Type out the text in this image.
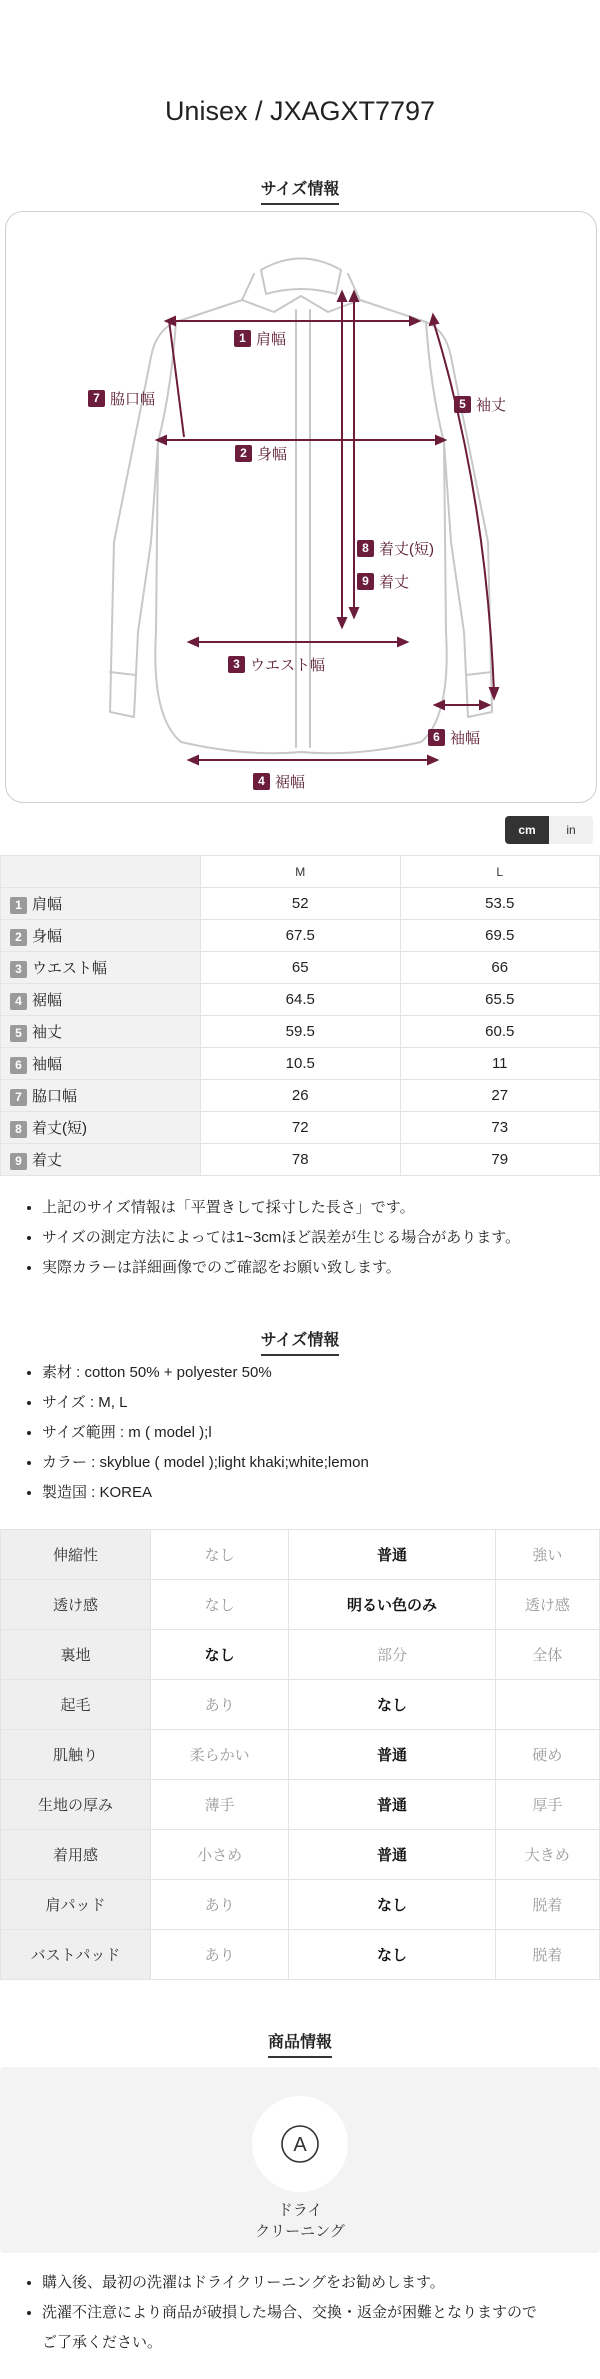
Unisex / JXAGXT7797
サイズ情報
1 肩幅
2 身幅
3 ウエスト幅
4 裾幅
5 袖丈
6 袖幅
7 脇口幅
8 着丈(短)
9 着丈
cm	in
	M	L
1 肩幅	52	53.5
2 身幅	67.5	69.5
3 ウエスト幅	65	66
4 裾幅	64.5	65.5
5 袖丈	59.5	60.5
6 袖幅	10.5	11
7 脇口幅	26	27
8 着丈(短)	72	73
9 着丈	78	79
• 上記のサイズ情報は「平置きして採寸した長さ」です。
• サイズの測定方法によっては1~3cmほど誤差が生じる場合があります。
• 実際カラーは詳細画像でのご確認をお願い致します。
サイズ情報
• 素材 : cotton 50% + polyester 50%
• サイズ : M, L
• サイズ範囲 : m ( model );l
• カラー : skyblue ( model );light khaki;white;lemon
• 製造国 : KOREA
伸縮性	なし	普通	強い
透け感	なし	明るい色のみ	透け感
裏地	なし	部分	全体
起毛	あり	なし	
肌触り	柔らかい	普通	硬め
生地の厚み	薄手	普通	厚手
着用感	小さめ	普通	大きめ
肩パッド	あり	なし	脱着
バストパッド	あり	なし	脱着
商品情報
A
ドライ
クリーニング
• 購入後、最初の洗濯はドライクリーニングをお勧めします。
• 洗濯不注意により商品が破損した場合、交換・返金が困難となりますので
ご了承ください。
